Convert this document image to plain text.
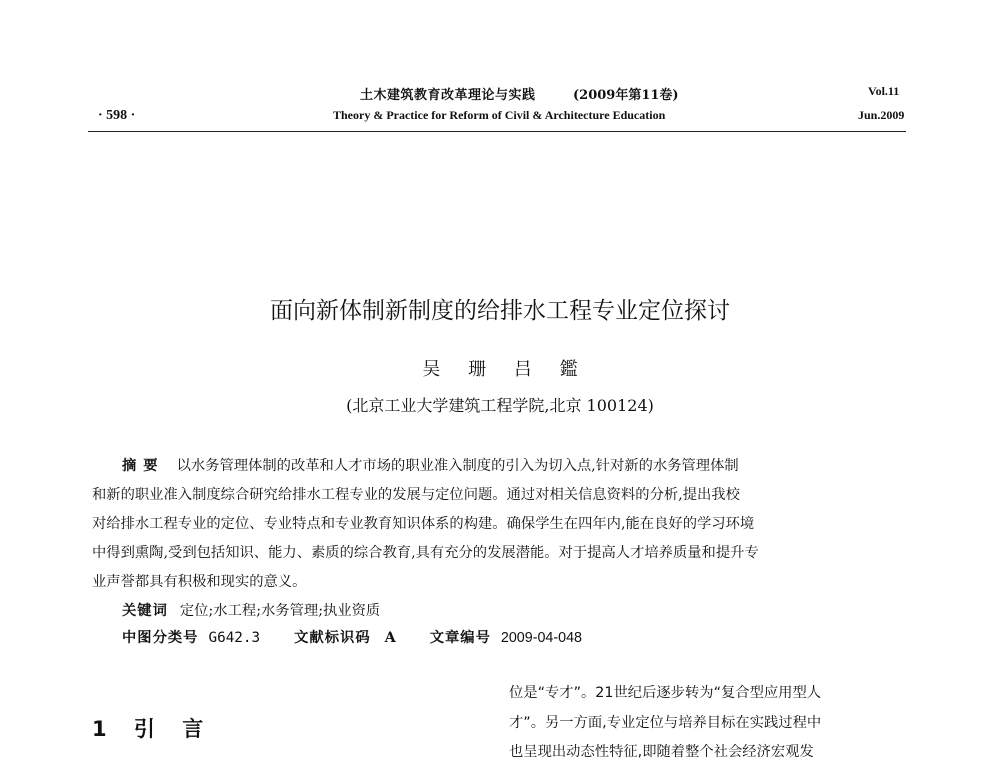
土木建筑教育改革理论与实践	(2009年第11卷)	Vol.11
· 598 ·	Theory & Practice for Reform of Civil & Architecture Education	Jun.2009
面向新体制新制度的给排水工程专业定位探讨
吴 珊 吕 鑑
(北京工业大学建筑工程学院,北京 100124)
摘 要 以水务管理体制的改革和人才市场的职业准入制度的引入为切入点,针对新的水务管理体制
和新的职业准入制度综合研究给排水工程专业的发展与定位问题。通过对相关信息资料的分析,提出我校
对给排水工程专业的定位、专业特点和专业教育知识体系的构建。确保学生在四年内,能在良好的学习环境
中得到熏陶,受到包括知识、能力、素质的综合教育,具有充分的发展潜能。对于提高人才培养质量和提升专
业声誉都具有积极和现实的意义。
关键词 定位;水工程;水务管理;执业资质
中图分类号 G642.3 文献标识码 A 文章编号 2009-04-048
1 引 言
位是“专才”。21世纪后逐步转为“复合型应用型人
才”。另一方面,专业定位与培养目标在实践过程中
也呈现出动态性特征,即随着整个社会经济宏观发
